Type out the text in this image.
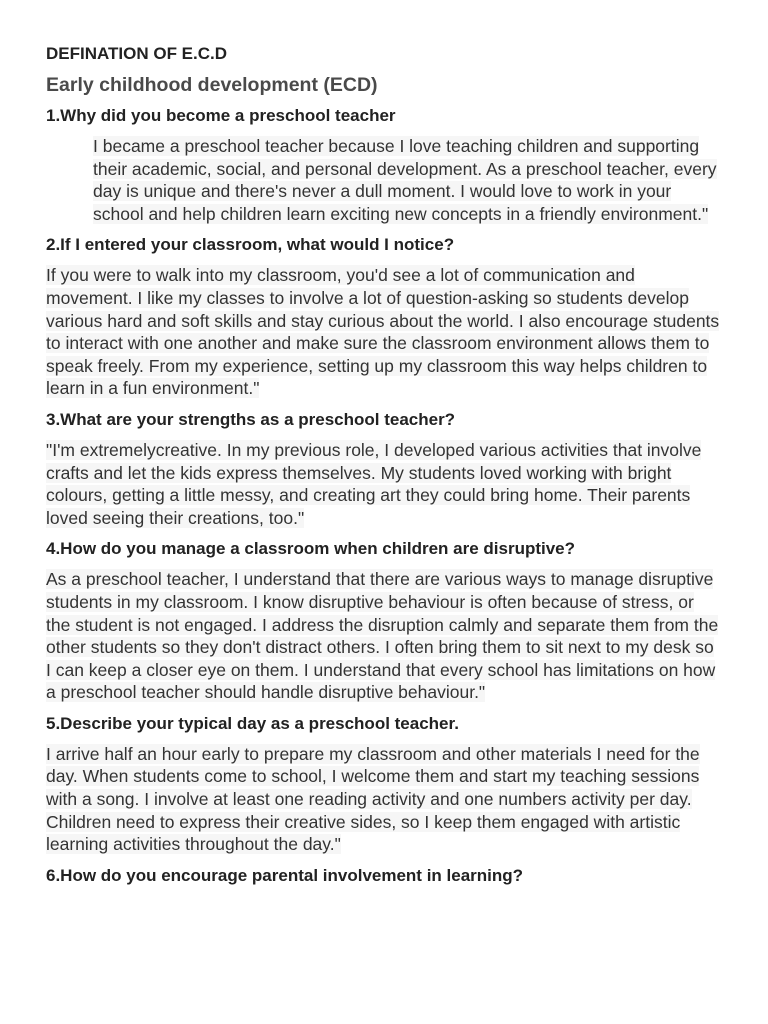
DEFINATION OF E.C.D
Early childhood development (ECD)
1.Why did you become a preschool teacher
I became a preschool teacher because I love teaching children and supporting their academic, social, and personal development. As a preschool teacher, every day is unique and there's never a dull moment. I would love to work in your school and help children learn exciting new concepts in a friendly environment."
2.If I entered your classroom, what would I notice?
If you were to walk into my classroom, you'd see a lot of communication and movement. I like my classes to involve a lot of question-asking so students develop various hard and soft skills and stay curious about the world. I also encourage students to interact with one another and make sure the classroom environment allows them to speak freely. From my experience, setting up my classroom this way helps children to learn in a fun environment."
3.What are your strengths as a preschool teacher?
"I'm extremelycreative. In my previous role, I developed various activities that involve crafts and let the kids express themselves. My students loved working with bright colours, getting a little messy, and creating art they could bring home. Their parents loved seeing their creations, too."
4.How do you manage a classroom when children are disruptive?
As a preschool teacher, I understand that there are various ways to manage disruptive students in my classroom. I know disruptive behaviour is often because of stress, or the student is not engaged. I address the disruption calmly and separate them from the other students so they don't distract others. I often bring them to sit next to my desk so I can keep a closer eye on them. I understand that every school has limitations on how a preschool teacher should handle disruptive behaviour."
5.Describe your typical day as a preschool teacher.
I arrive half an hour early to prepare my classroom and other materials I need for the day. When students come to school, I welcome them and start my teaching sessions with a song. I involve at least one reading activity and one numbers activity per day. Children need to express their creative sides, so I keep them engaged with artistic learning activities throughout the day."
6.How do you encourage parental involvement in learning?
